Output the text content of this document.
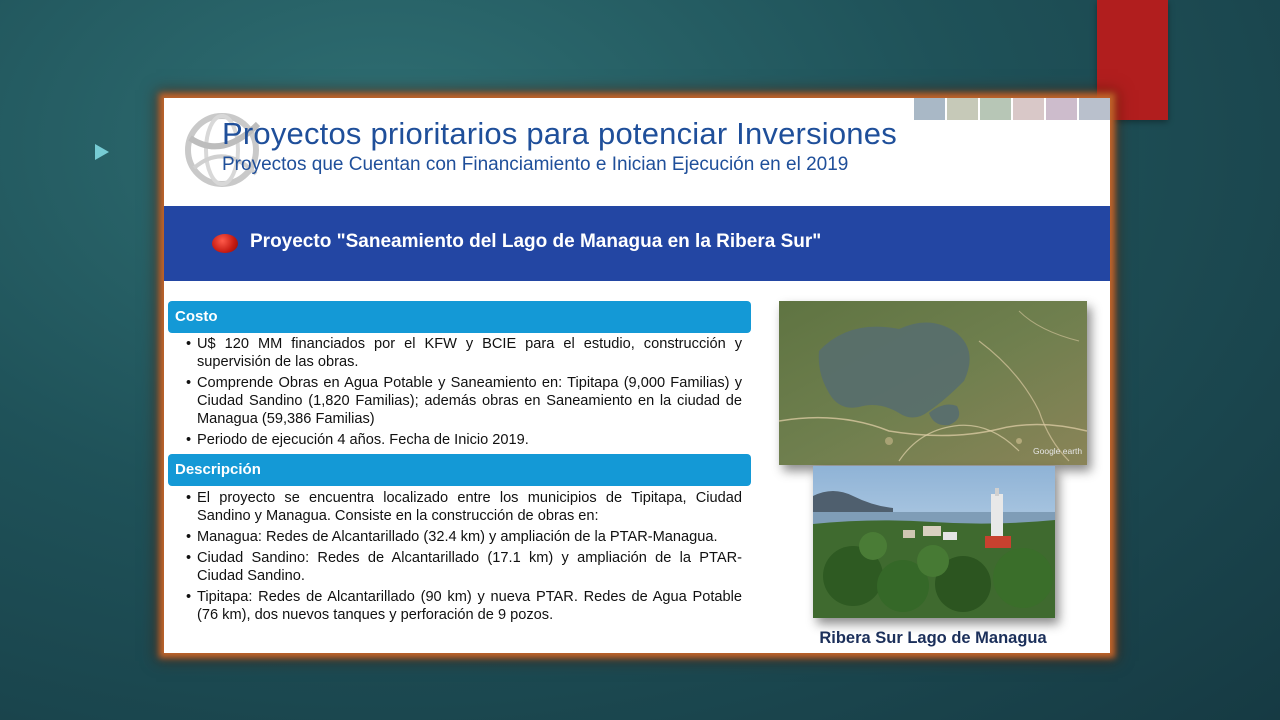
Proyectos prioritarios para potenciar Inversiones
Proyectos que Cuentan con Financiamiento e Inician Ejecución en el 2019
Proyecto "Saneamiento del Lago de Managua en la Ribera Sur"
Costo
• U$ 120 MM financiados por el KFW y BCIE para el estudio, construcción y supervisión de las obras.
• Comprende Obras en Agua Potable y Saneamiento en: Tipitapa (9,000 Familias) y Ciudad Sandino (1,820 Familias); además obras en Saneamiento en la ciudad de Managua (59,386 Familias)
• Periodo de ejecución 4 años. Fecha de Inicio 2019.
Descripción
• El proyecto se encuentra localizado entre los municipios de Tipitapa, Ciudad Sandino y Managua. Consiste en la construcción de obras en:
• Managua: Redes de Alcantarillado (32.4 km) y ampliación de la PTAR-Managua.
• Ciudad Sandino: Redes de Alcantarillado (17.1 km) y ampliación de la PTAR- Ciudad Sandino.
• Tipitapa: Redes de Alcantarillado (90 km) y nueva PTAR. Redes de Agua Potable (76 km), dos nuevos tanques y perforación de 9 pozos.
Google earth
Ribera Sur Lago de Managua
